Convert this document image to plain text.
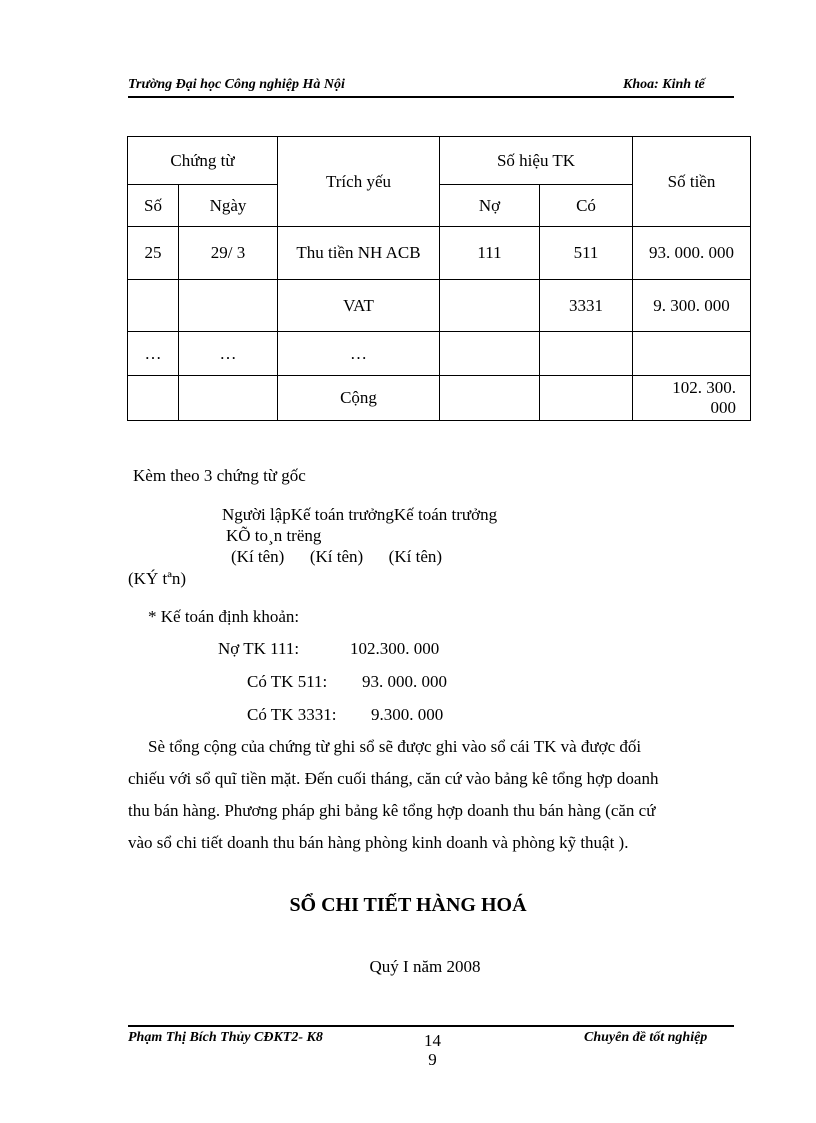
Trường Đại học Công nghiệp Hà Nội	Khoa: Kinh tế
Chứng từ		Trích yếu	Số hiệu TK		Số tiền
Số	Ngày		Nợ	Có	
25	29/ 3	Thu tiền NH ACB	111	511	93. 000. 000
		VAT		3331	9. 300. 000
…	…	…			
		Cộng			102. 300.
000
Kèm theo 3 chứng từ gốc
Người lậpKế toán trưởngKế toán trưởng
KÕ to¸n trëng
(Kí tên)      (Kí tên)      (Kí tên)
(KÝ tªn)
* Kế toán định khoản:
Nợ TK 111:	102.300. 000
Có TK 511: 93. 000. 000
Có TK 3331: 9.300. 000

Sè tổng cộng của chứng từ ghi sổ sẽ được ghi vào sổ cái TK và được đối

chiếu với sổ quĩ tiền mặt. Đến cuối tháng, căn cứ vào bảng kê tổng hợp doanh

thu bán hàng. Phương pháp ghi bảng kê tổng hợp doanh thu bán hàng (căn cứ

vào sổ chi tiết doanh thu bán hàng phòng kinh doanh và phòng kỹ thuật ).

SỔ CHI TIẾT HÀNG HOÁ
Quý I năm 2008
Phạm Thị Bích Thủy CĐKT2- K8	14
9
Chuyên đề tốt nghiệp
